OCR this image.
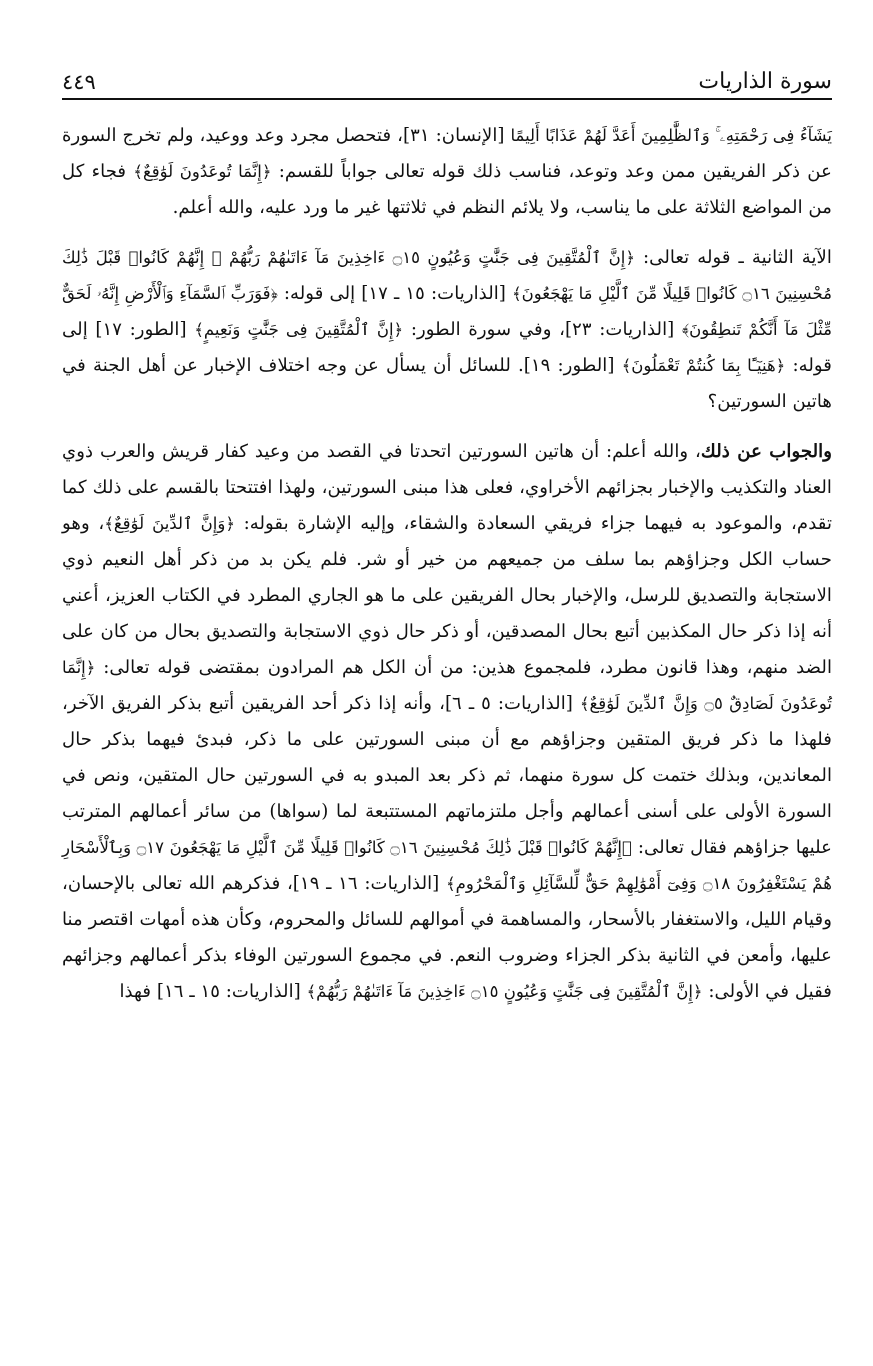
سورة الذاريات
٤٤٩

يَشَآءُ فِى رَحْمَتِهِۦ ۚ وَٱلظَّٰلِمِينَ أَعَدَّ لَهُمْ عَذَابًا أَلِيمًا [الإنسان: ٣١]، فتحصل مجرد وعد ووعيد، ولم تخرج السورة عن ذكر الفريقين ممن وعد وتوعد، فناسب ذلك قوله تعالى جواباً للقسم: ﴿إِنَّمَا تُوعَدُونَ لَوَٰقِعٌ﴾ فجاء كل من المواضع الثلاثة على ما يناسب، ولا يلائم النظم في ثلاثتها غير ما ورد عليه، والله أعلم.

الآية الثانية ـ قوله تعالى: ﴿إِنَّ ٱلْمُتَّقِينَ فِى جَنَّٰتٍ وَعُيُونٍ ۝١٥ ءَاخِذِينَ مَآ ءَاتَىٰهُمْ رَبُّهُمْ ۚ إِنَّهُمْ كَانُوا۟ قَبْلَ ذَٰلِكَ مُحْسِنِينَ ۝١٦ كَانُوا۟ قَلِيلًا مِّنَ ٱلَّيْلِ مَا يَهْجَعُونَ﴾ [الذاريات: ١٥ ـ ١٧] إلى قوله: ﴿فَوَرَبِّ ٱلسَّمَآءِ وَٱلْأَرْضِ إِنَّهُۥ لَحَقٌّ مِّثْلَ مَآ أَنَّكُمْ تَنطِقُونَ﴾ [الذاريات: ٢٣]، وفي سورة الطور: ﴿إِنَّ ٱلْمُتَّقِينَ فِى جَنَّٰتٍ وَنَعِيمٍ﴾ [الطور: ١٧] إلى قوله: ﴿هَنِيٓـًٔا بِمَا كُنتُمْ تَعْمَلُونَ﴾ [الطور: ١٩]. للسائل أن يسأل عن وجه اختلاف الإخبار عن أهل الجنة في هاتين السورتين؟

والجواب عن ذلك، والله أعلم: أن هاتين السورتين اتحدتا في القصد من وعيد كفار قريش والعرب ذوي العناد والتكذيب والإخبار بجزائهم الأخراوي، فعلى هذا مبنى السورتين، ولهذا افتتحتا بالقسم على ذلك كما تقدم، والموعود به فيهما جزاء فريقي السعادة والشقاء، وإليه الإشارة بقوله: ﴿وَإِنَّ ٱلدِّينَ لَوَٰقِعٌ﴾، وهو حساب الكل وجزاؤهم بما سلف من جميعهم من خير أو شر. فلم يكن بد من ذكر أهل النعيم ذوي الاستجابة والتصديق للرسل، والإخبار بحال الفريقين على ما هو الجاري المطرد في الكتاب العزيز، أعني أنه إذا ذكر حال المكذبين أتبع بحال المصدقين، أو ذكر حال ذوي الاستجابة والتصديق بحال من كان على الضد منهم، وهذا قانون مطرد، فلمجموع هذين: من أن الكل هم المرادون بمقتضى قوله تعالى: ﴿إِنَّمَا تُوعَدُونَ لَصَادِقٌ ۝٥ وَإِنَّ ٱلدِّينَ لَوَٰقِعٌ﴾ [الذاريات: ٥ ـ ٦]، وأنه إذا ذكر أحد الفريقين أتبع بذكر الفريق الآخر، فلهذا ما ذكر فريق المتقين وجزاؤهم مع أن مبنى السورتين على ما ذكر، فبدئ فيهما بذكر حال المعاندين، وبذلك ختمت كل سورة منهما، ثم ذكر بعد المبدو به في السورتين حال المتقين، ونص في السورة الأولى على أسنى أعمالهم وأجل ملتزماتهم المستتبعة لما (سواها) من سائر أعمالهم المترتب عليها جزاؤهم فقال تعالى: ﴿إِنَّهُمْ كَانُوا۟ قَبْلَ ذَٰلِكَ مُحْسِنِينَ ۝١٦ كَانُوا۟ قَلِيلًا مِّنَ ٱلَّيْلِ مَا يَهْجَعُونَ ۝١٧ وَبِٱلْأَسْحَارِ هُمْ يَسْتَغْفِرُونَ ۝١٨ وَفِىٓ أَمْوَٰلِهِمْ حَقٌّ لِّلسَّآئِلِ وَٱلْمَحْرُومِ﴾ [الذاريات: ١٦ ـ ١٩]، فذكرهم الله تعالى بالإحسان، وقيام الليل، والاستغفار بالأسحار، والمساهمة في أموالهم للسائل والمحروم، وكأن هذه أمهات اقتصر منا عليها، وأمعن في الثانية بذكر الجزاء وضروب النعم. في مجموع السورتين الوفاء بذكر أعمالهم وجزائهم فقيل في الأولى: ﴿إِنَّ ٱلْمُتَّقِينَ فِى جَنَّٰتٍ وَعُيُونٍ ۝١٥ ءَاخِذِينَ مَآ ءَاتَىٰهُمْ رَبُّهُمْ﴾ [الذاريات: ١٥ ـ ١٦] فهذا
